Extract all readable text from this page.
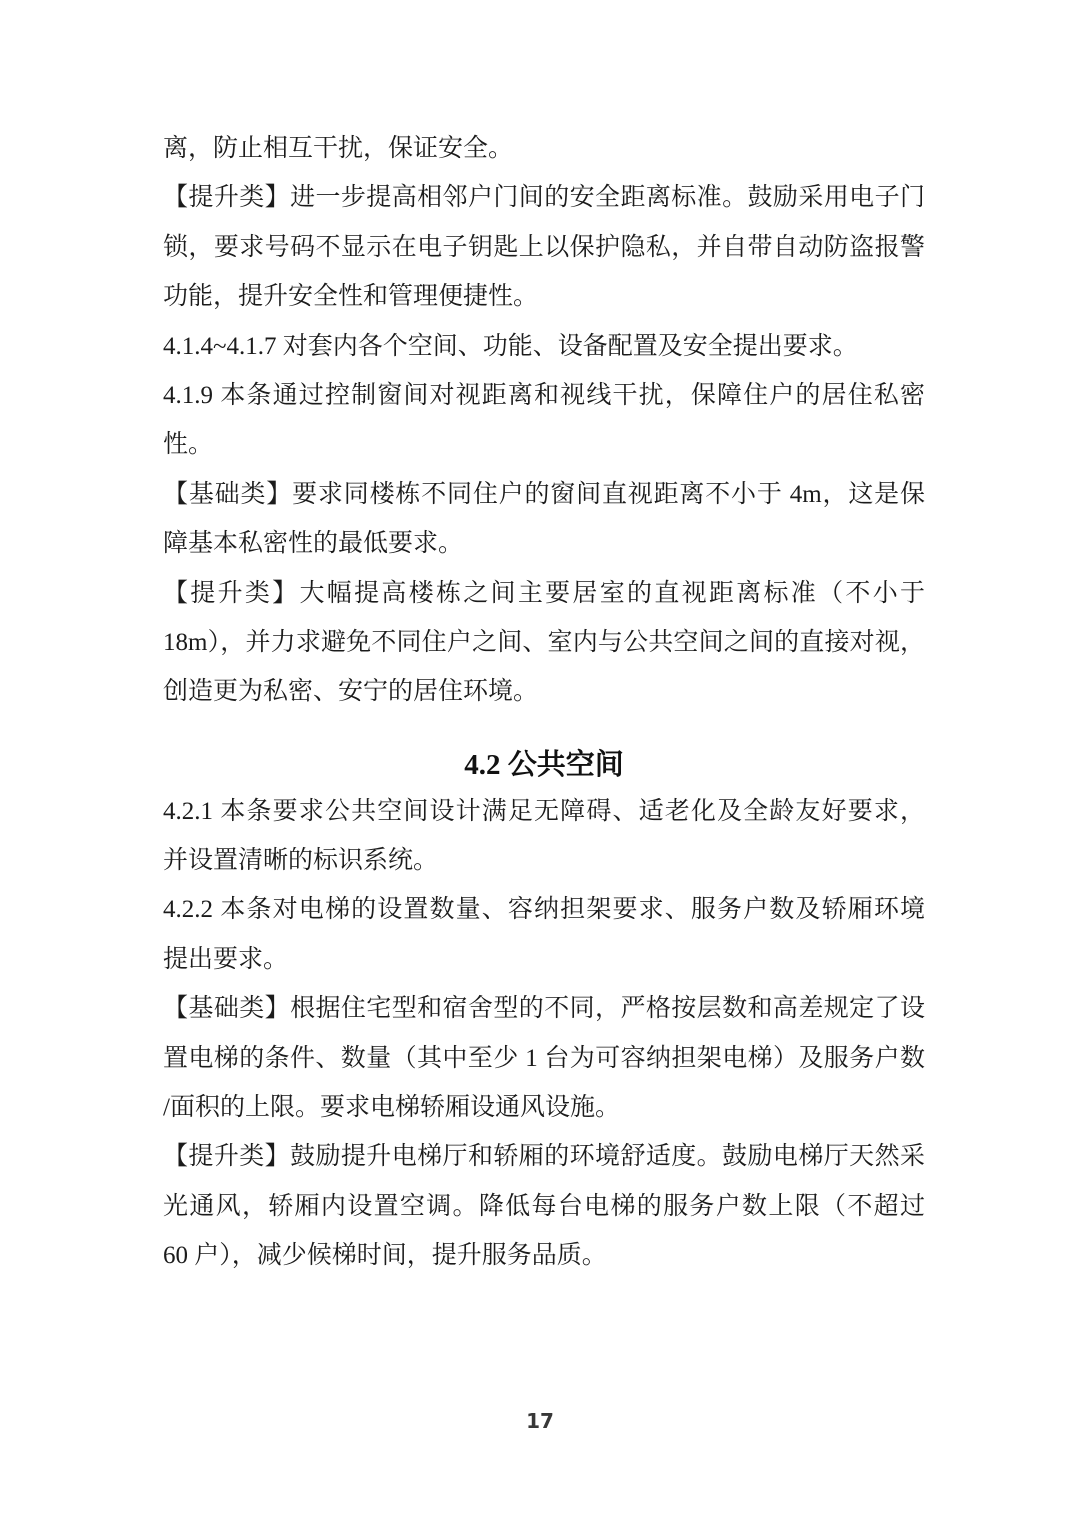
离，防止相互干扰，保证安全。
【提升类】进一步提高相邻户门间的安全距离标准。鼓励采用电子门
锁，要求号码不显示在电子钥匙上以保护隐私，并自带自动防盗报警
功能，提升安全性和管理便捷性。
4.1.4~4.1.7 对套内各个空间、功能、设备配置及安全提出要求。
4.1.9 本条通过控制窗间对视距离和视线干扰，保障住户的居住私密
性。
【基础类】要求同楼栋不同住户的窗间直视距离不小于 4m，这是保
障基本私密性的最低要求。
【提升类】大幅提高楼栋之间主要居室的直视距离标准（不小于
18m），并力求避免不同住户之间、室内与公共空间之间的直接对视，
创造更为私密、安宁的居住环境。
4.2 公共空间
4.2.1 本条要求公共空间设计满足无障碍、适老化及全龄友好要求，
并设置清晰的标识系统。
4.2.2 本条对电梯的设置数量、容纳担架要求、服务户数及轿厢环境
提出要求。
【基础类】根据住宅型和宿舍型的不同，严格按层数和高差规定了设
置电梯的条件、数量（其中至少 1 台为可容纳担架电梯）及服务户数
/面积的上限。要求电梯轿厢设通风设施。
【提升类】鼓励提升电梯厅和轿厢的环境舒适度。鼓励电梯厅天然采
光通风，轿厢内设置空调。降低每台电梯的服务户数上限（不超过
60 户），减少候梯时间，提升服务品质。
17
